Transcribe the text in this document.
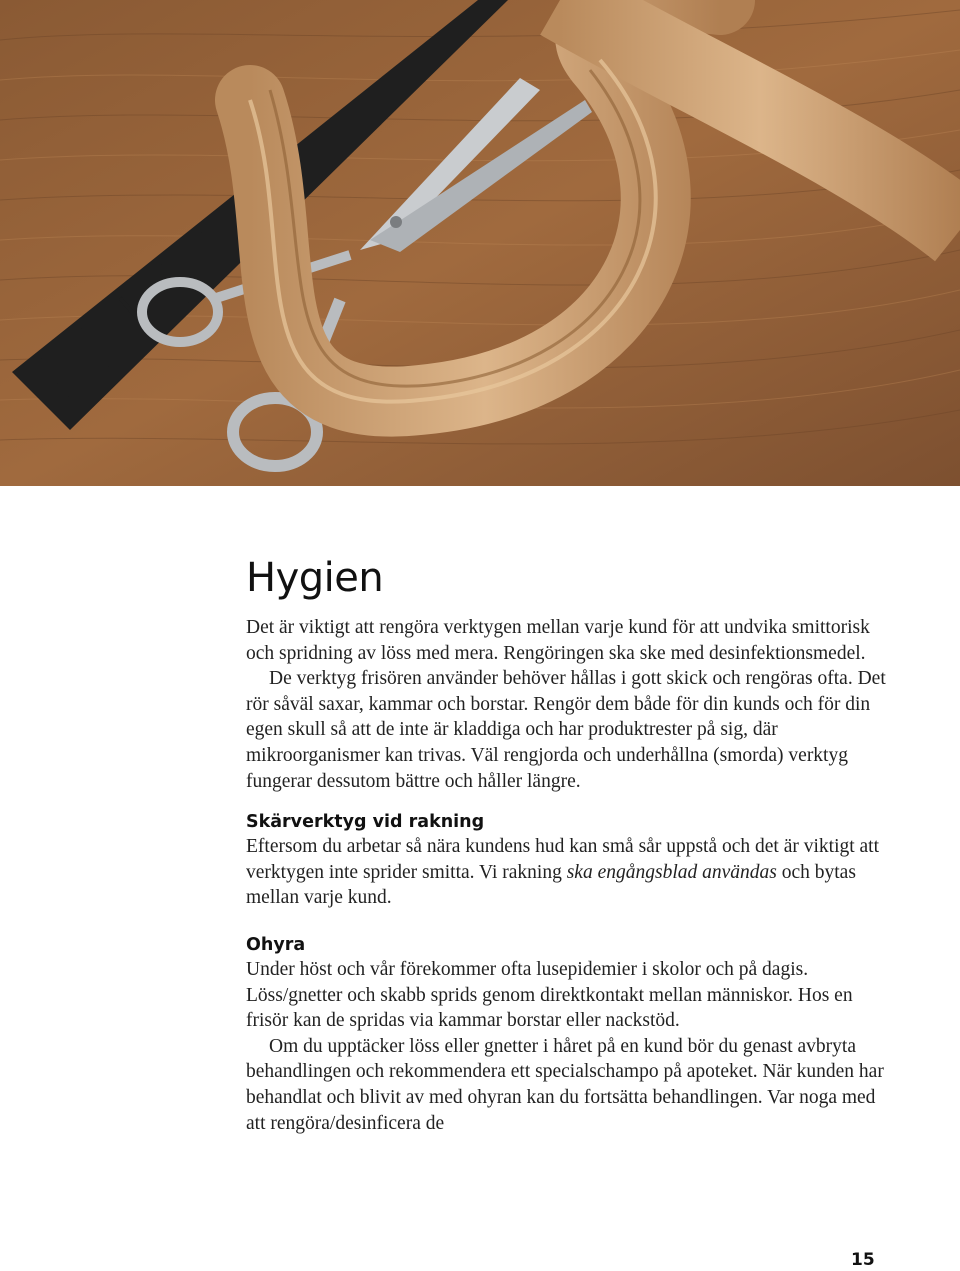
Hygien

Det är viktigt att rengöra verktygen mellan varje kund för att undvika smittorisk och spridning av löss med mera. Rengöringen ska ske med desinfektionsmedel.

De verktyg frisören använder behöver hållas i gott skick och rengöras ofta. Det rör såväl saxar, kammar och borstar. Rengör dem både för din kunds och för din egen skull så att de inte är kladdiga och har produktrester på sig, där mikroorganismer kan trivas. Väl rengjorda och underhållna (smorda) verktyg fungerar dessutom bättre och håller längre.

Skärverktyg vid rakning

Eftersom du arbetar så nära kundens hud kan små sår uppstå och det är viktigt att verktygen inte sprider smitta. Vi rakning ska engångsblad användas och bytas mellan varje kund.

Ohyra

Under höst och vår förekommer ofta lusepidemier i skolor och på dagis. Löss/gnetter och skabb sprids genom direktkontakt mellan människor. Hos en frisör kan de spridas via kammar borstar eller nackstöd.

Om du upptäcker löss eller gnetter i håret på en kund bör du genast avbryta behandlingen och rekommendera ett specialschampo på apoteket. När kunden har behandlat och blivit av med ohyran kan du fortsätta behandlingen. Var noga med att rengöra/desinficera de

15
